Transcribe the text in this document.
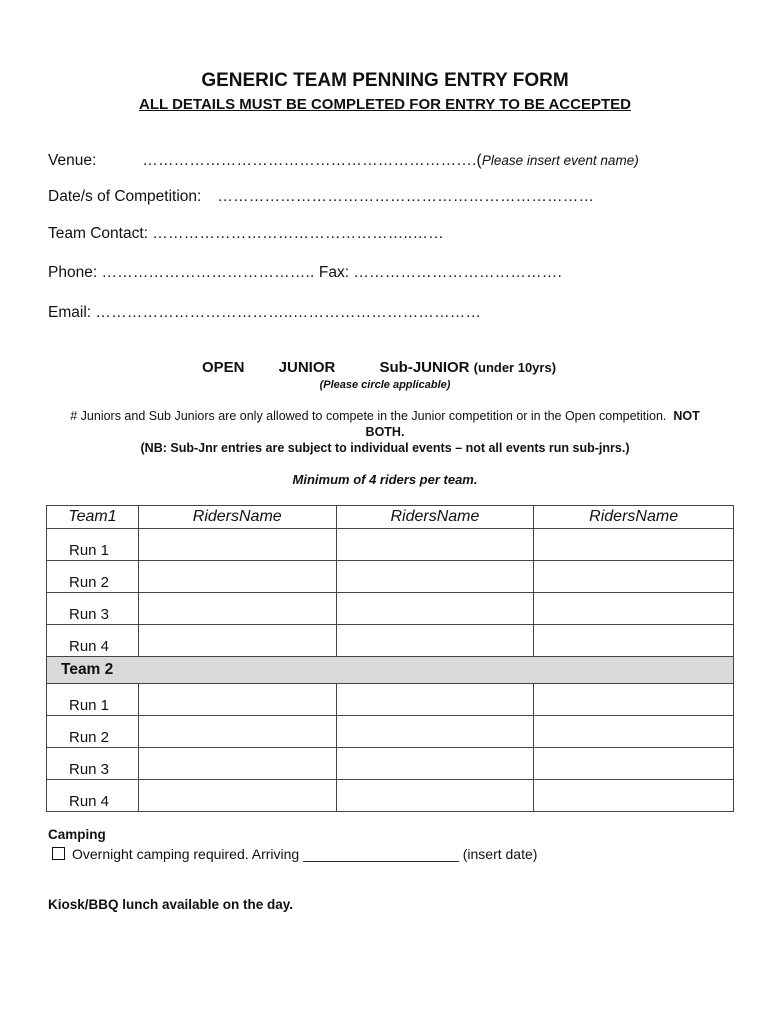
GENERIC TEAM PENNING ENTRY FORM
ALL DETAILS MUST BE COMPLETED FOR ENTRY TO BE ACCEPTED
Venue:	……………………………………………………….(Please insert event name)
Date/s of Competition: ………………………………………………………………
Team Contact: …………………………………………..……
Phone: ………………………………….. Fax: ………………………………….
Email: ………………………………..………………………………
OPEN JUNIOR	Sub-JUNIOR (under 10yrs)
(Please circle applicable)
# Juniors and Sub Juniors are only allowed to compete in the Junior competition or in the Open competition. NOT BOTH.
(NB: Sub-Jnr entries are subject to individual events – not all events run sub-jnrs.)
Minimum of 4 riders per team.
Team1	RidersName	RidersName	RidersName
Run 1			
Run 2			
Run 3			
Run 4			
Team 2			
Run 1			
Run 2			
Run 3			
Run 4			
Camping
Overnight camping required. Arriving ____________________ (insert date)
Kiosk/BBQ lunch available on the day.
